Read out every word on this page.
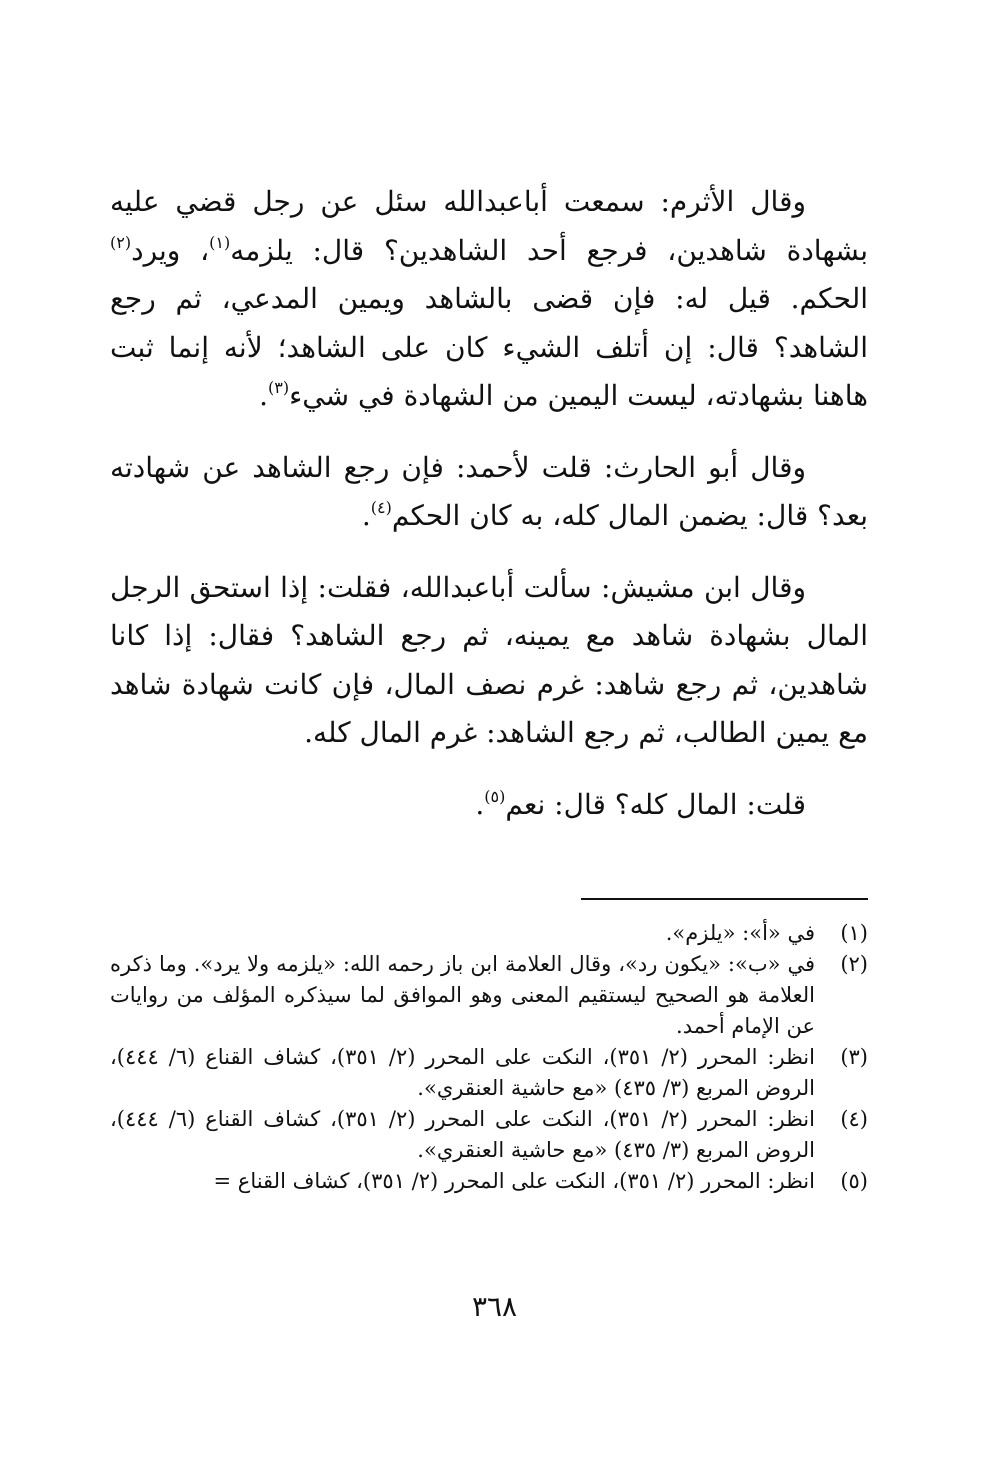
وقال الأثرم: سمعت أباعبدالله سئل عن رجل قضي عليه بشهادة شاهدين، فرجع أحد الشاهدين؟ قال: يلزمه$^{(١)}$، ويرد$^{(٢)}$ الحكم. قيل له: فإن قضى بالشاهد ويمين المدعي، ثم رجع الشاهد؟ قال: إن أتلف الشيء كان على الشاهد؛ لأنه إنما ثبت هاهنا بشهادته، ليست اليمين من الشهادة في شيء$^{(٣)}$.

وقال أبو الحارث: قلت لأحمد: فإن رجع الشاهد عن شهادته بعد؟ قال: يضمن المال كله، به كان الحكم$^{(٤)}$.

وقال ابن مشيش: سألت أباعبدالله، فقلت: إذا استحق الرجل المال بشهادة شاهد مع يمينه، ثم رجع الشاهد؟ فقال: إذا كانا شاهدين، ثم رجع شاهد: غرم نصف المال، فإن كانت شهادة شاهد مع يمين الطالب، ثم رجع الشاهد: غرم المال كله.

قلت: المال كله؟ قال: نعم$^{(٥)}$.

(١)
في «أ»: «يلزم».
(٢)
في «ب»: «يكون رد»، وقال العلامة ابن باز رحمه الله: «يلزمه ولا يرد». وما ذكره العلامة هو الصحيح ليستقيم المعنى وهو الموافق لما سيذكره المؤلف من روايات عن الإمام أحمد.
(٣)
انظر: المحرر (٢/ ٣٥١)، النكت على المحرر (٢/ ٣٥١)، كشاف القناع (٦/ ٤٤٤)، الروض المربع (٣/ ٤٣٥) «مع حاشية العنقري».
(٤)
انظر: المحرر (٢/ ٣٥١)، النكت على المحرر (٢/ ٣٥١)، كشاف القناع (٦/ ٤٤٤)، الروض المربع (٣/ ٤٣٥) «مع حاشية العنقري».
(٥)
انظر: المحرر (٢/ ٣٥١)، النكت على المحرر (٢/ ٣٥١)، كشاف القناع =
٣٦٨
